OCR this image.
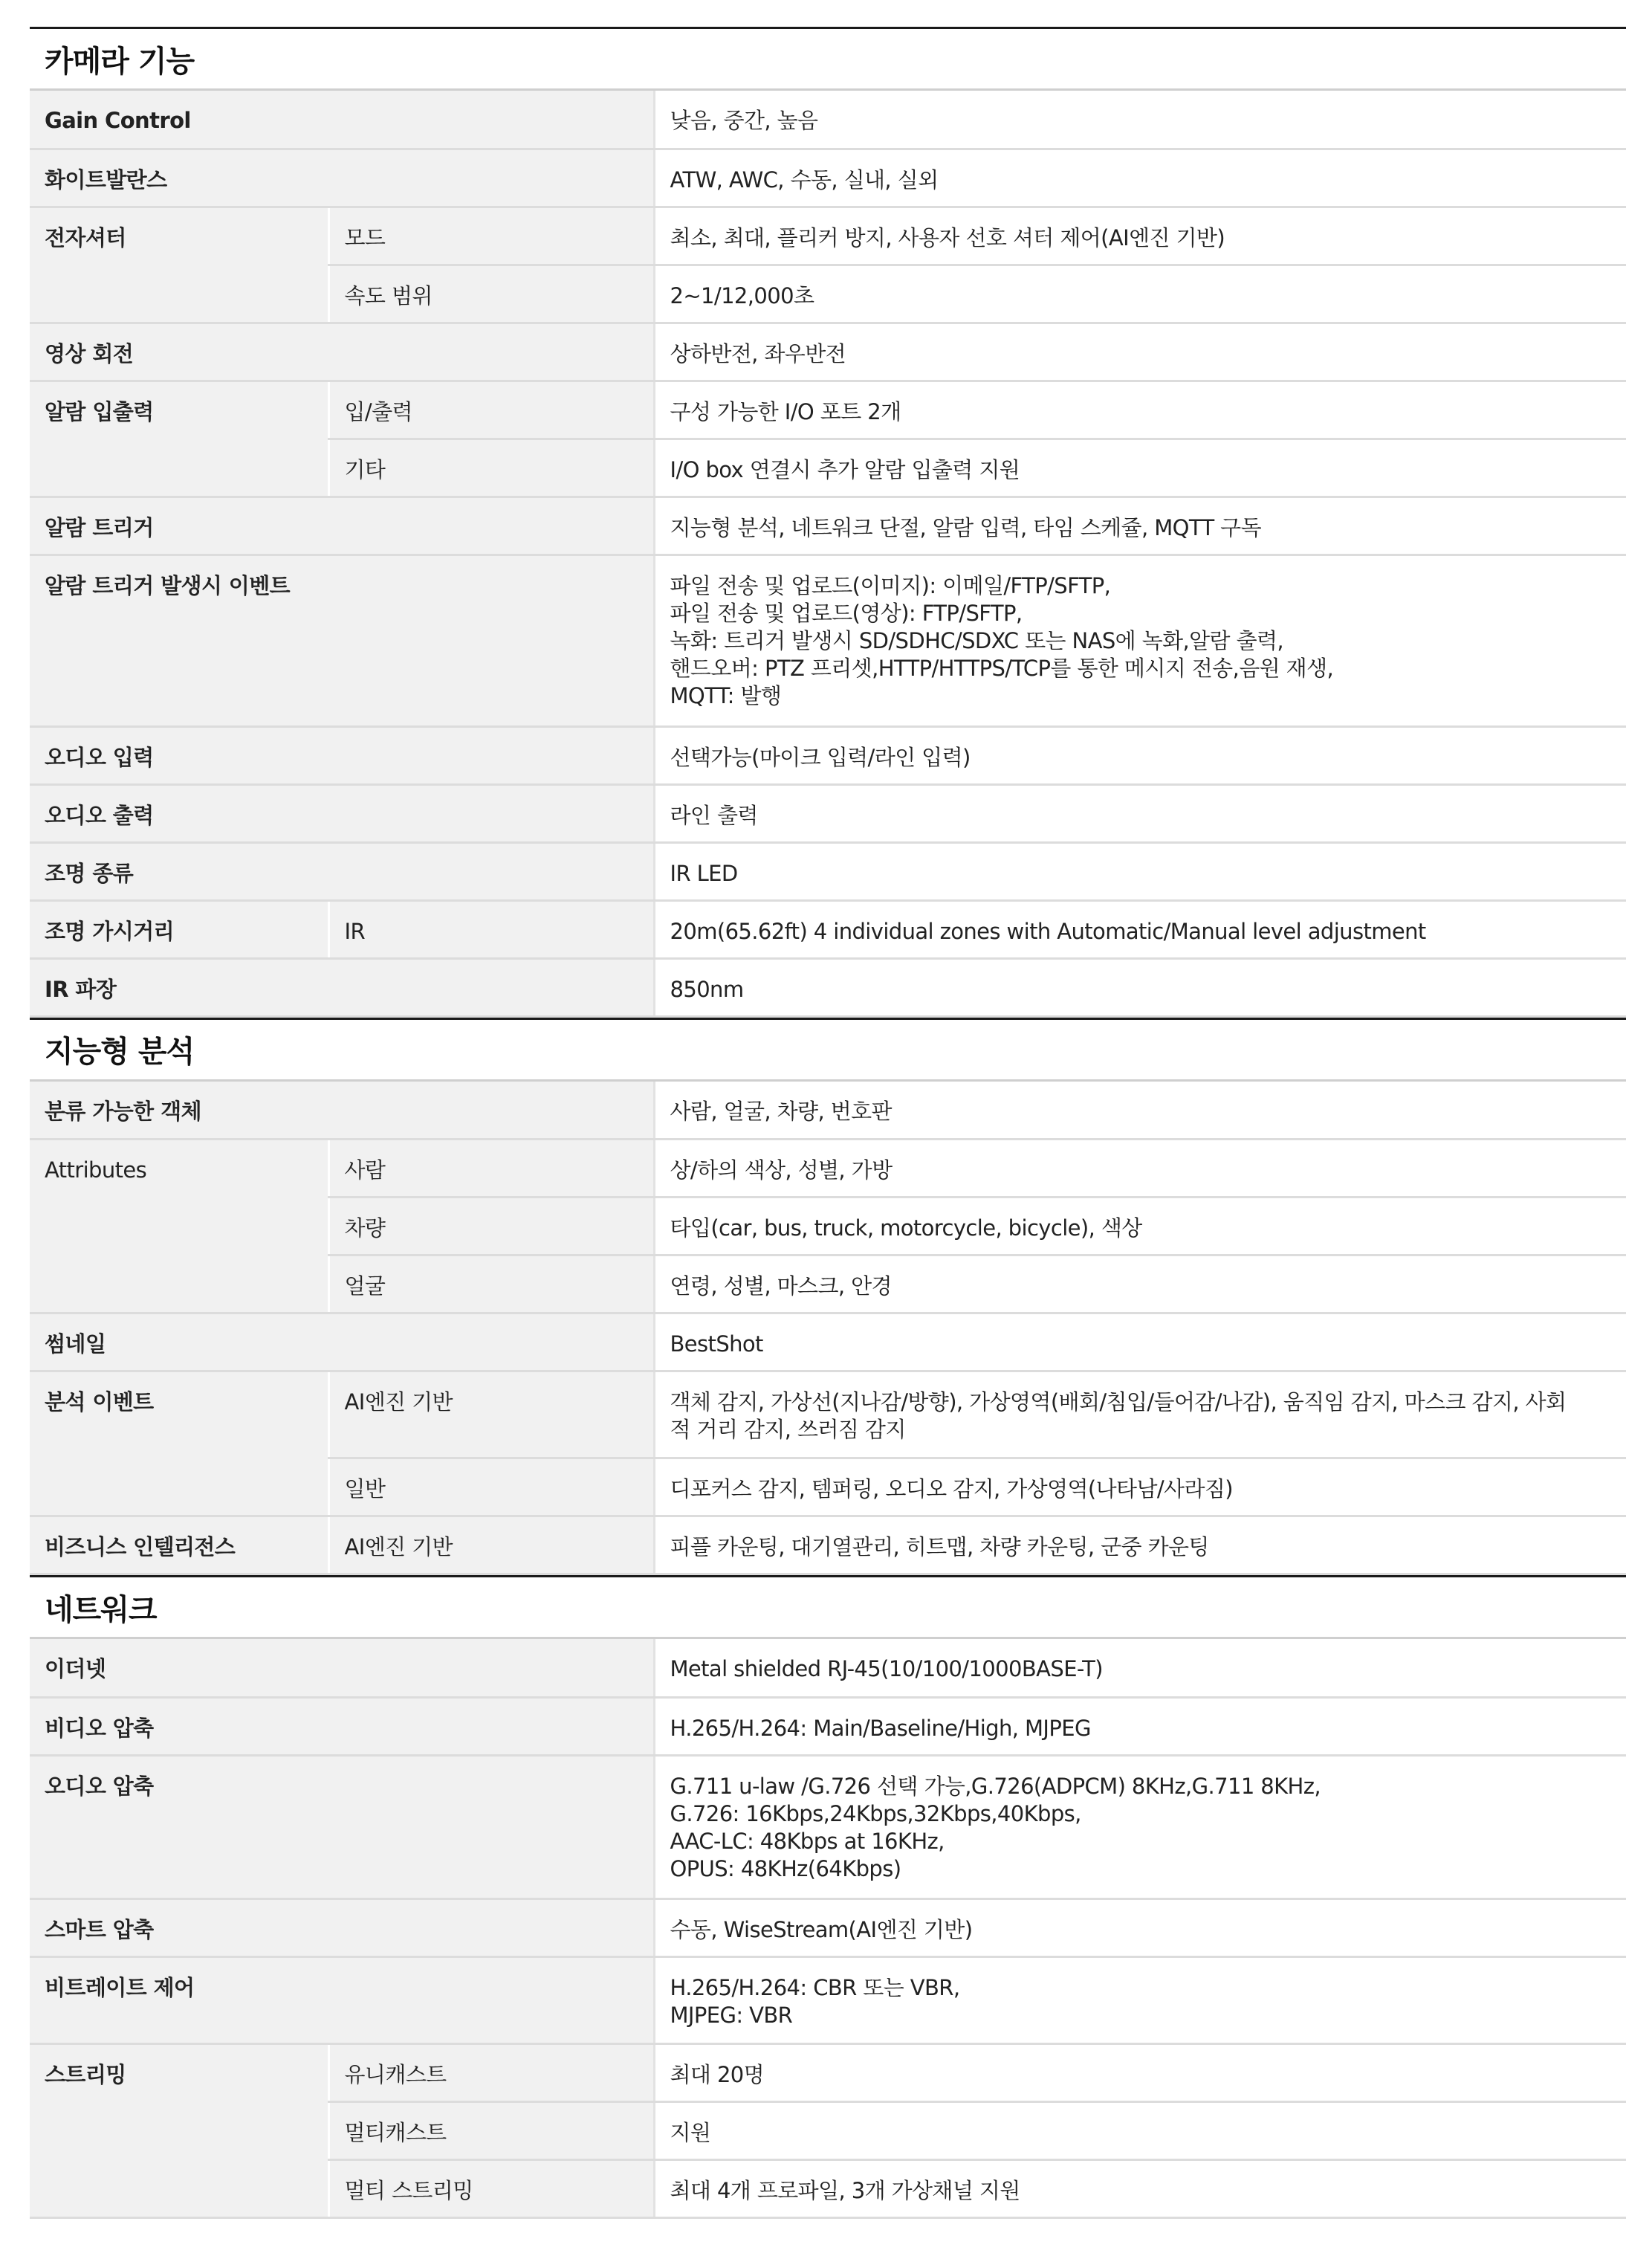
카메라 기능
Gain Control		낮음, 중간, 높음
화이트발란스		ATW, AWC, 수동, 실내, 실외
전자셔터	모드	최소, 최대, 플리커 방지, 사용자 선호 셔터 제어(AI엔진 기반)
	속도 범위	2~1/12,000초
영상 회전		상하반전, 좌우반전
알람 입출력	입/출력	구성 가능한 I/O 포트 2개
	기타	I/O box 연결시 추가 알람 입출력 지원
알람 트리거		지능형 분석, 네트워크 단절, 알람 입력, 타임 스케쥴, MQTT 구독
알람 트리거 발생시 이벤트		파일 전송 및 업로드(이미지): 이메일/FTP/SFTP,
파일 전송 및 업로드(영상): FTP/SFTP,
녹화: 트리거 발생시 SD/SDHC/SDXC 또는 NAS에 녹화,알람 출력,
핸드오버: PTZ 프리셋,HTTP/HTTPS/TCP를 통한 메시지 전송,음원 재생,
MQTT: 발행
오디오 입력		선택가능(마이크 입력/라인 입력)
오디오 출력		라인 출력
조명 종류		IR LED
조명 가시거리	IR	20m(65.62ft) 4 individual zones with Automatic/Manual level adjustment
IR 파장		850nm
지능형 분석
분류 가능한 객체		사람, 얼굴, 차량, 번호판
Attributes	사람	상/하의 색상, 성별, 가방
	차량	타입(car, bus, truck, motorcycle, bicycle), 색상
	얼굴	연령, 성별, 마스크, 안경
썸네일		BestShot
분석 이벤트	AI엔진 기반	객체 감지, 가상선(지나감/방향), 가상영역(배회/침입/들어감/나감), 움직임 감지, 마스크 감지, 사회
적 거리 감지, 쓰러짐 감지
	일반	디포커스 감지, 템퍼링, 오디오 감지, 가상영역(나타남/사라짐)
비즈니스 인텔리전스	AI엔진 기반	피플 카운팅, 대기열관리, 히트맵, 차량 카운팅, 군중 카운팅
네트워크
이더넷		Metal shielded RJ-45(10/100/1000BASE-T)
비디오 압축		H.265/H.264: Main/Baseline/High, MJPEG
오디오 압축		G.711 u-law /G.726 선택 가능,G.726(ADPCM) 8KHz,G.711 8KHz,
G.726: 16Kbps,24Kbps,32Kbps,40Kbps,
AAC-LC: 48Kbps at 16KHz,
OPUS: 48KHz(64Kbps)
스마트 압축		수동, WiseStream(AI엔진 기반)
비트레이트 제어		H.265/H.264: CBR 또는 VBR,
MJPEG: VBR
스트리밍	유니캐스트	최대 20명
	멀티캐스트	지원
	멀티 스트리밍	최대 4개 프로파일, 3개 가상채널 지원
